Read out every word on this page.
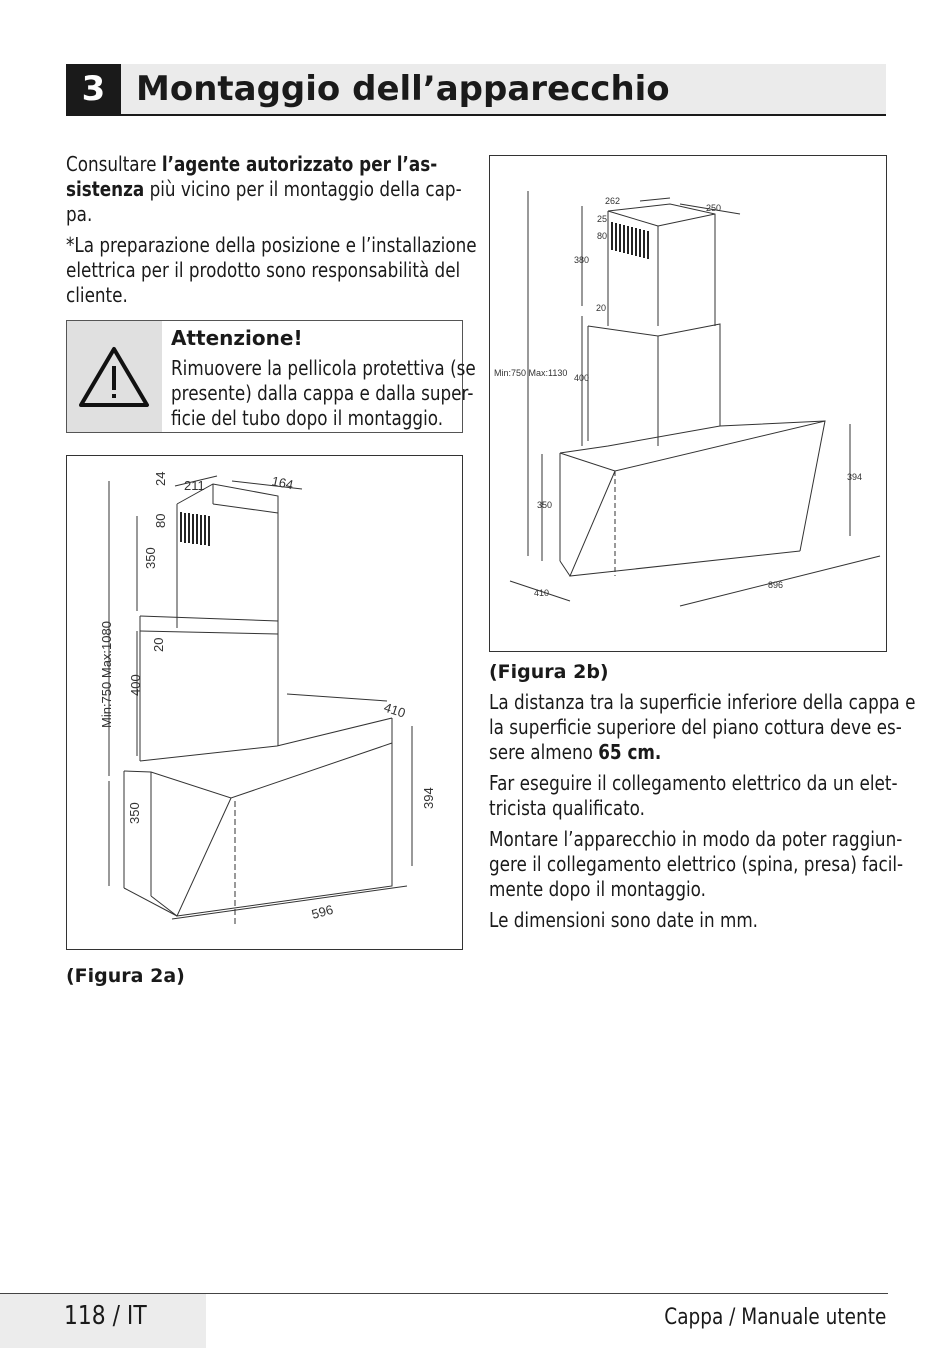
3 Montaggio dell’apparecchio
Consultare l’agente autorizzato per l’as-
sistenza più vicino per il montaggio della cap-
pa.
*La preparazione della posizione e l’installazione
elettrica per il prodotto sono responsabilità del
cliente.
Attenzione!
Rimuovere la pellicola protettiva (se
presente) dalla cappa e dalla super-
ficie del tubo dopo il montaggio.
211	164
24
80
350
20
400
Min:750 Max:1080	410
394
350
596
(Figura 2a)
262
250
25
80
380
20
400
Min:750 Max:1130
394
350
410
896
(Figura 2b)
La distanza tra la superficie inferiore della cappa e
la superficie superiore del piano cottura deve es-
sere almeno 65 cm.
Far eseguire il collegamento elettrico da un elet-
tricista qualificato.
Montare l’apparecchio in modo da poter raggiun-
gere il collegamento elettrico (spina, presa) facil-
mente dopo il montaggio.
Le dimensioni sono date in mm.
118 / IT	Cappa / Manuale utente
